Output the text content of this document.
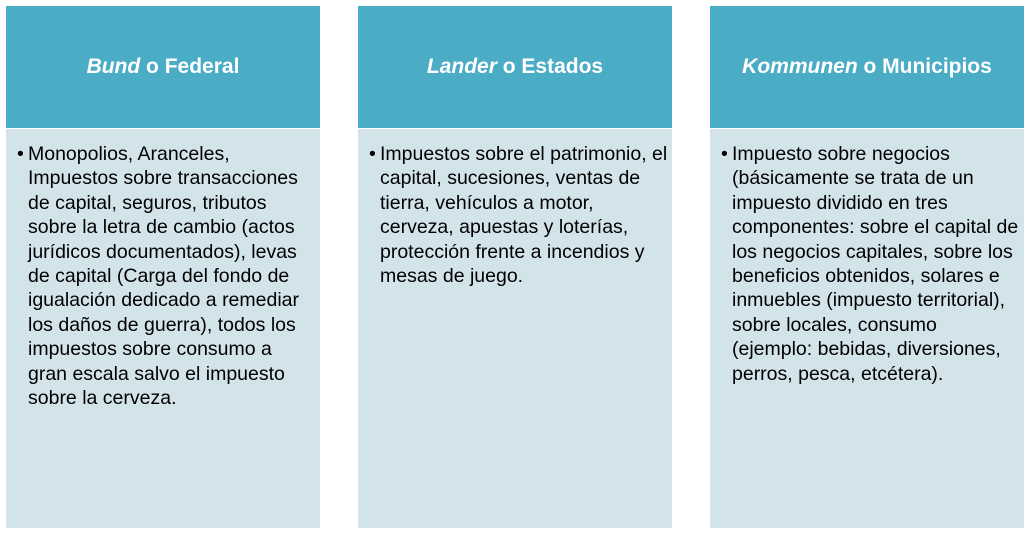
Bund o Federal
• Monopolios, Aranceles, Impuestos sobre transacciones de capital, seguros, tributos sobre la letra de cambio (actos jurídicos documentados), levas de capital (Carga del fondo de igualación dedicado a remediar los daños de guerra), todos los impuestos sobre consumo a gran escala salvo el impuesto sobre la cerveza.
Lander o Estados
• Impuestos sobre el patrimonio, el capital, sucesiones, ventas de tierra, vehículos a motor, cerveza, apuestas y loterías, protección frente a incendios y mesas de juego.
Kommunen o Municipios
• Impuesto sobre negocios (básicamente se trata de un impuesto dividido en tres componentes: sobre el capital de los negocios capitales, sobre los beneficios obtenidos, solares e inmuebles (impuesto territorial), sobre locales, consumo (ejemplo: bebidas, diversiones, perros, pesca, etcétera).
